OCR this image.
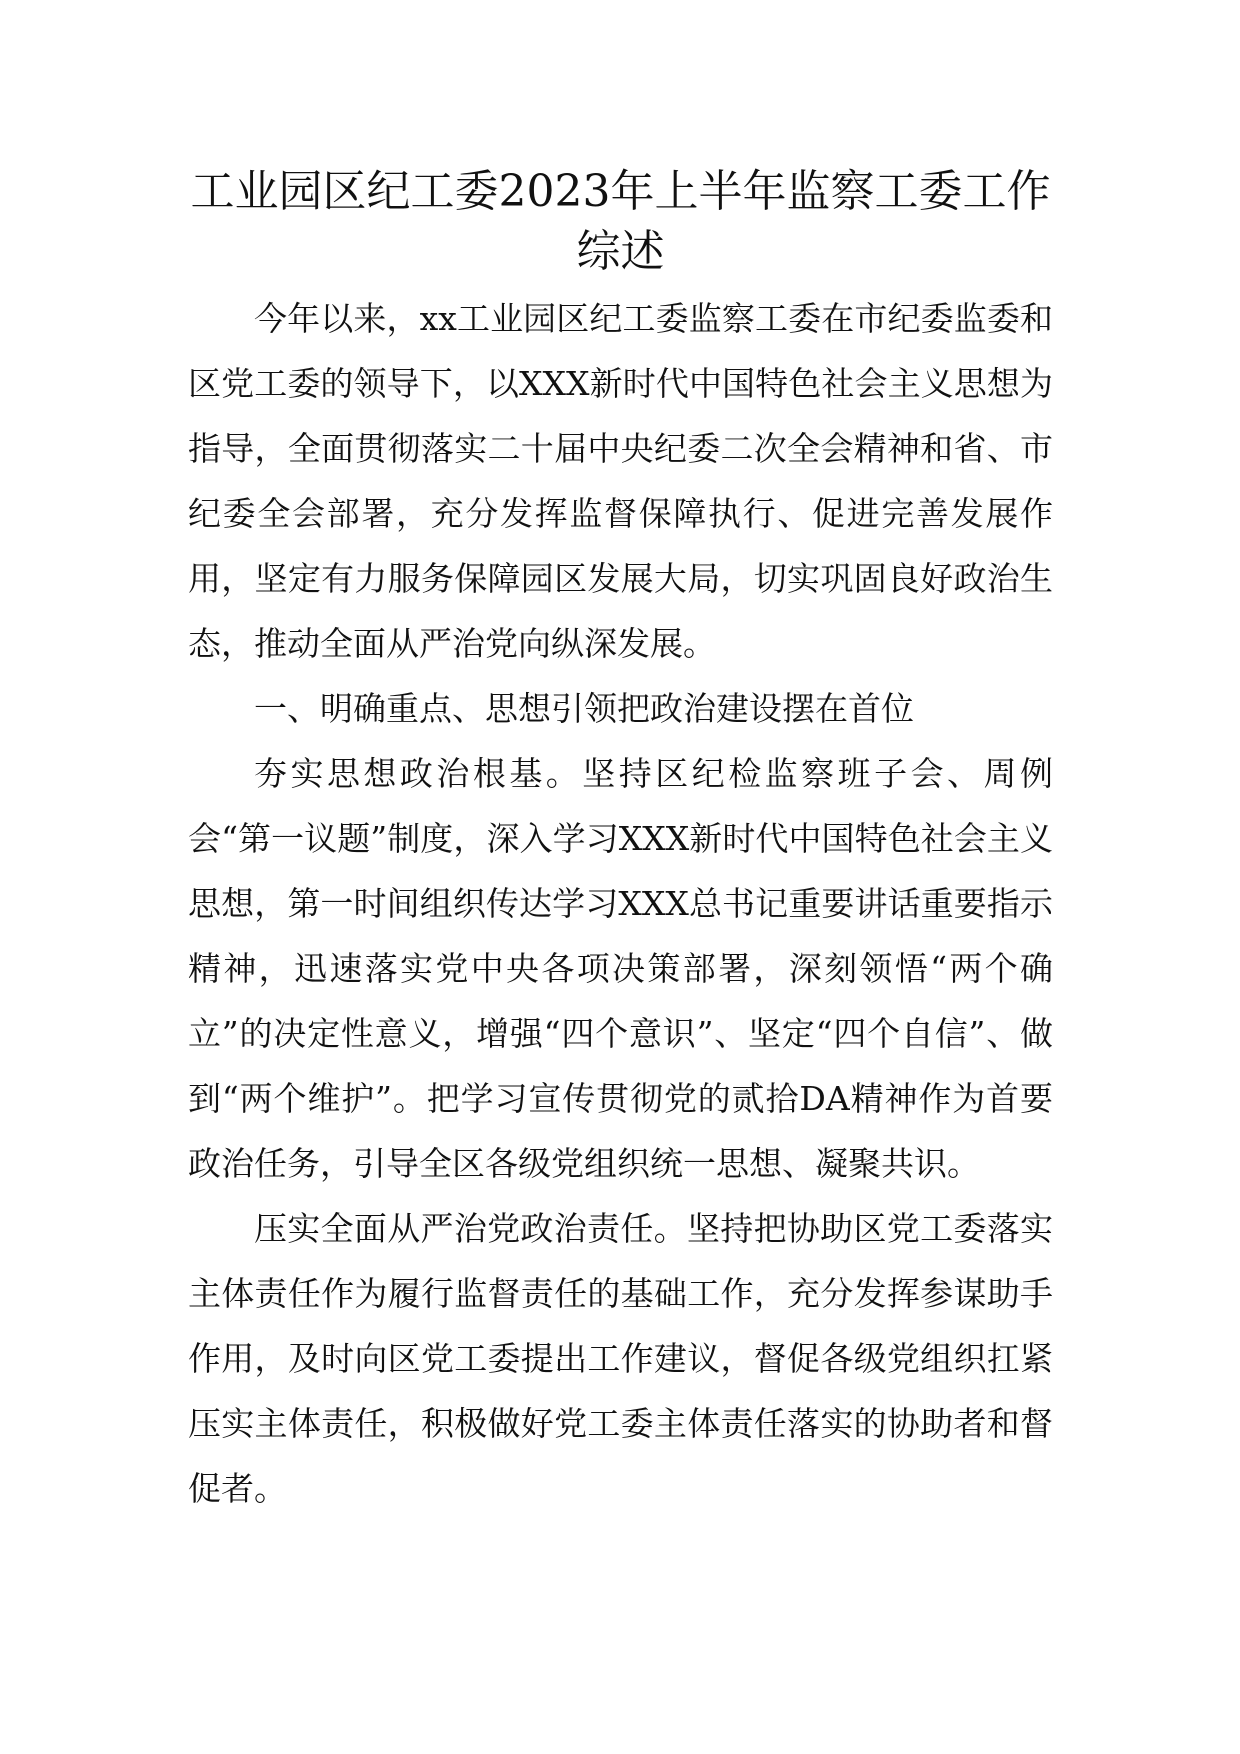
工业园区纪工委2023年上半年监察工委工作综述

今年以来，xx工业园区纪工委监察工委在市纪委监委和区党工委的领导下，以XXX新时代中国特色社会主义思想为指导，全面贯彻落实二十届中央纪委二次全会精神和省、市纪委全会部署，充分发挥监督保障执行、促进完善发展作用，坚定有力服务保障园区发展大局，切实巩固良好政治生态，推动全面从严治党向纵深发展。

一、明确重点、思想引领把政治建设摆在首位

夯实思想政治根基。坚持区纪检监察班子会、周例会“第一议题”制度，深入学习XXX新时代中国特色社会主义思想，第一时间组织传达学习XXX总书记重要讲话重要指示精神，迅速落实党中央各项决策部署，深刻领悟“两个确立”的决定性意义，增强“四个意识”、坚定“四个自信”、做到“两个维护”。把学习宣传贯彻党的贰拾DA精神作为首要政治任务，引导全区各级党组织统一思想、凝聚共识。

压实全面从严治党政治责任。坚持把协助区党工委落实主体责任作为履行监督责任的基础工作，充分发挥参谋助手作用，及时向区党工委提出工作建议，督促各级党组织扛紧压实主体责任，积极做好党工委主体责任落实的协助者和督促者。
